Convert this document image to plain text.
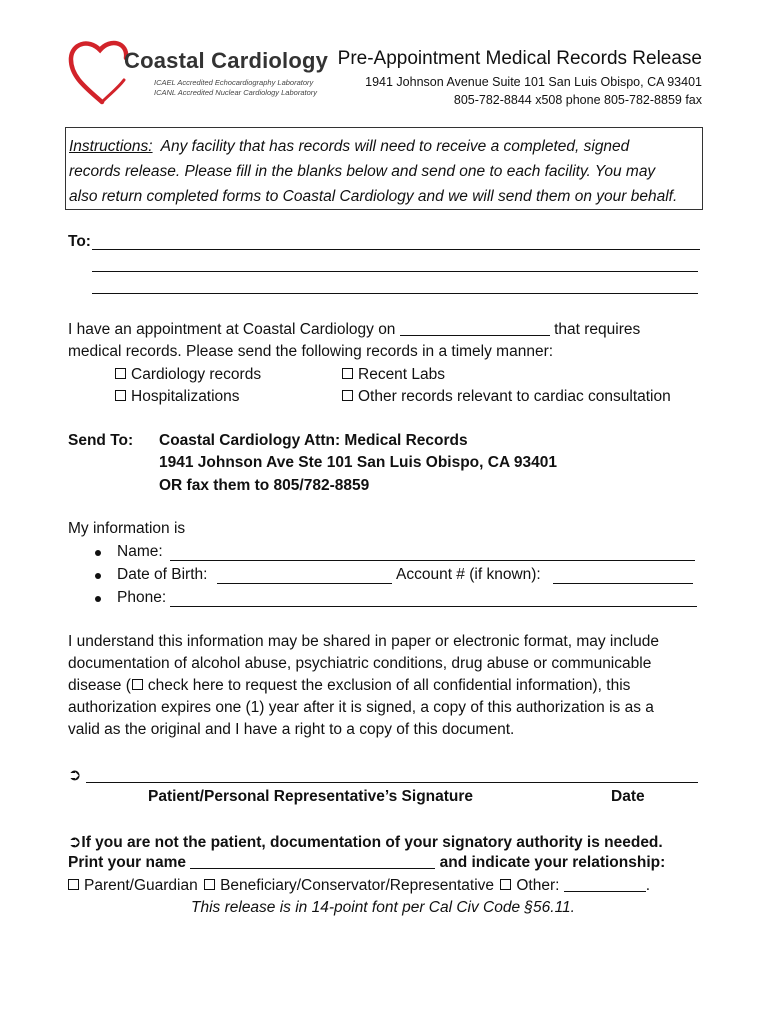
Coastal Cardiology
ICAEL Accredited Echocardiography Laboratory
ICANL Accredited Nuclear Cardiology Laboratory
Pre-Appointment Medical Records Release
1941 Johnson Avenue Suite 101 San Luis Obispo, CA 93401
805-782-8844 x508 phone 805-782-8859 fax
Instructions: Any facility that has records will need to receive a completed, signed
records release. Please fill in the blanks below and send one to each facility. You may
also return completed forms to Coastal Cardiology and we will send them on your behalf.
To:
I have an appointment at Coastal Cardiology on	that requires
medical records. Please send the following records in a timely manner:
Cardiology records	Recent Labs
Hospitalizations	Other records relevant to cardiac consultation
Send To: Coastal Cardiology Attn: Medical Records
1941 Johnson Ave Ste 101 San Luis Obispo, CA 93401
OR fax them to 805/782-8859
My information is
Name:
Date of Birth:	Account # (if known):
Phone:
I understand this information may be shared in paper or electronic format, may include
documentation of alcohol abuse, psychiatric conditions, drug abuse or communicable
disease ( check here to request the exclusion of all confidential information), this
authorization expires one (1) year after it is signed, a copy of this authorization is as a
valid as the original and I have a right to a copy of this document.
➲
Patient/Personal Representative’s Signature	Date
➲If you are not the patient, documentation of your signatory authority is needed.
Print your name	and indicate your relationship:
Parent/Guardian Beneficiary/Conservator/Representative Other:	.
This release is in 14-point font per Cal Civ Code §56.11.
